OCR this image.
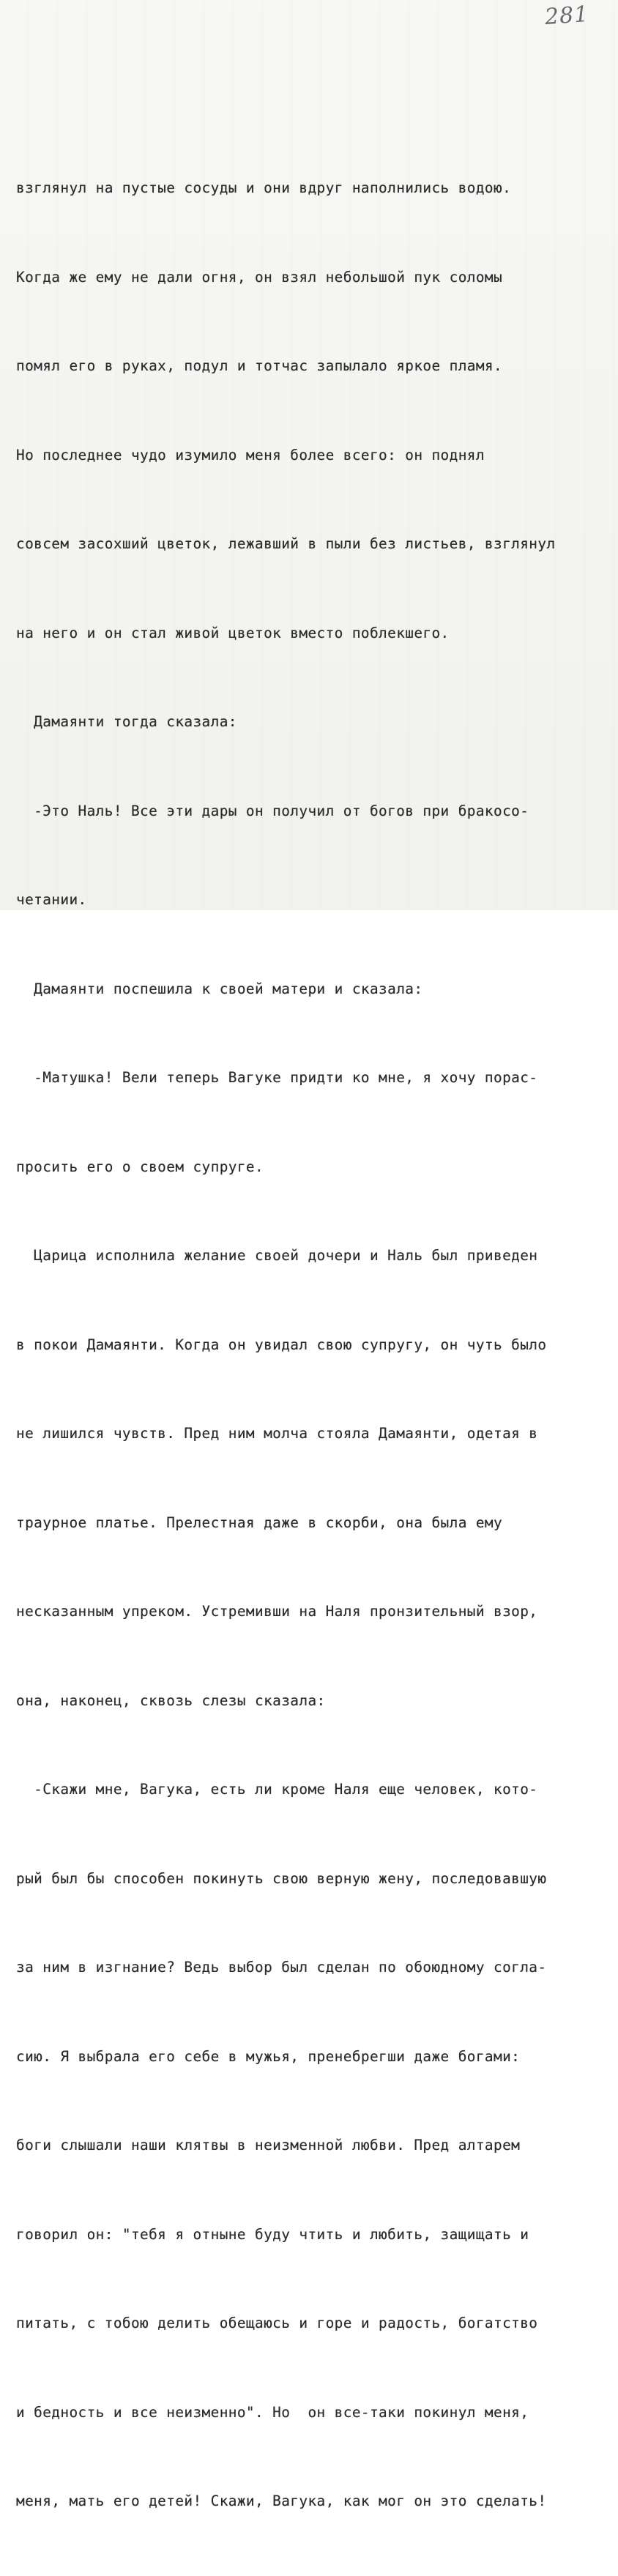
281

взглянул на пустые сосуды и они вдруг наполнились водою.

Когда же ему не дали огня, он взял небольшой пук соломы

помял его в руках, подул и тотчас запылало яркое пламя.

Но последнее чудо изумило меня более всего: он поднял

совсем засохший цветок, лежавший в пыли без листьев, взглянул

на него и он стал живой цветок вместо поблекшего.

Дамаянти тогда сказала:

-Это Наль! Все эти дары он получил от богов при бракосо-

четании.

Дамаянти поспешила к своей матери и сказала:

-Матушка! Вели теперь Вагуке придти ко мне, я хочу порас-

просить его о своем супруге.

Царица исполнила желание своей дочери и Наль был приведен

в покои Дамаянти. Когда он увидал свою супругу, он чуть было

не лишился чувств. Пред ним молча стояла Дамаянти, одетая в

траурное платье. Прелестная даже в скорби, она была ему

несказанным упреком. Устремивши на Наля пронзительный взор,

она, наконец, сквозь слезы сказала:

-Скажи мне, Вагука, есть ли кроме Наля еще человек, кото-

рый был бы способен покинуть свою верную жену, последовавшую

за ним в изгнание? Ведь выбор был сделан по обоюдному согла-

сию. Я выбрала его себе в мужья, пренебрегши даже богами:

боги слышали наши клятвы в неизменной любви. Пред алтарем

говорил он: "тебя я отныне буду чтить и любить, защищать и

питать, с тобою делить обещаюсь и горе и радость, богатство

и бедность и все неизменно". Но  он все-таки покинул меня,

меня, мать его детей! Скажи, Вагука, как мог он это сделать!
